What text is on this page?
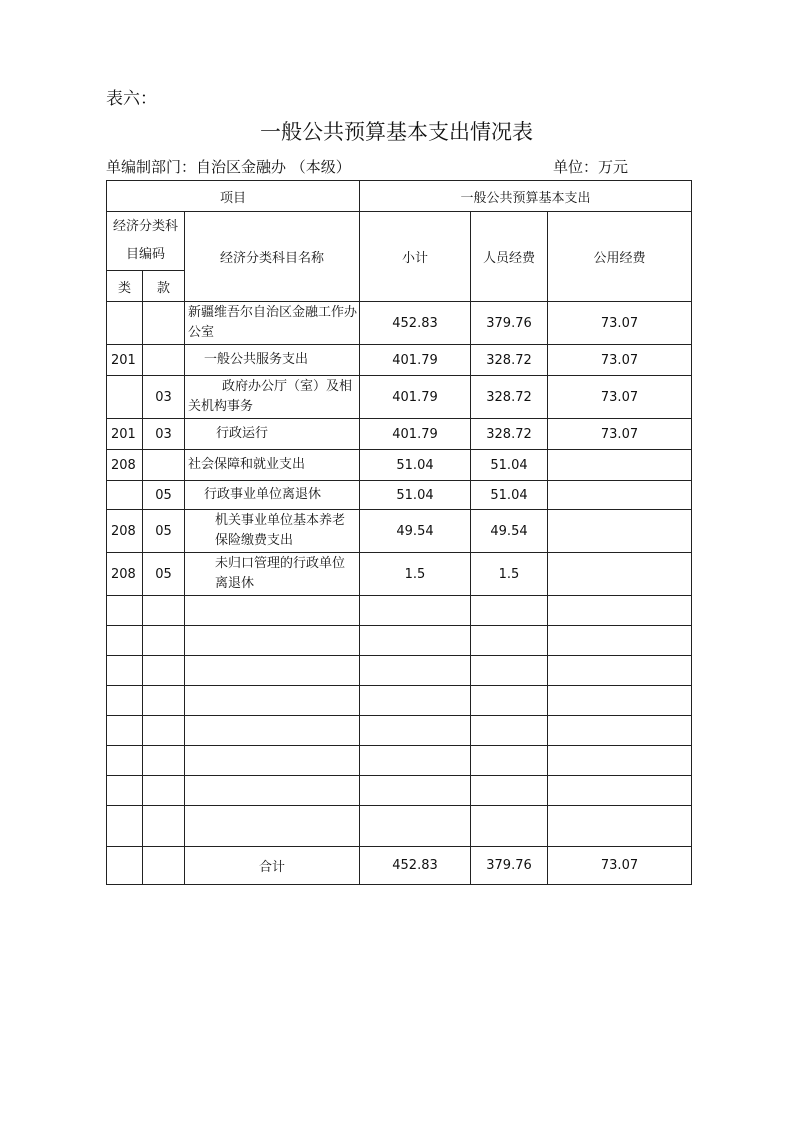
表六：
一般公共预算基本支出情况表
单编制部门：自治区金融办 （本级）	单位：万元
项目			一般公共预算基本支出		
经济分类科
目编码		经济分类科目名称	小计	人员经费	公用经费
类	款				
		新疆维吾尔自治区金融工作办公室	452.83	379.76	73.07
201		一般公共服务支出	401.79	328.72	73.07
	03	政府办公厅（室）及相关机构事务	401.79	328.72	73.07
201	03	行政运行	401.79	328.72	73.07
208		社会保障和就业支出	51.04	51.04	
	05	行政事业单位离退休	51.04	51.04	
208	05	机关事业单位基本养老保险缴费支出	49.54	49.54	
208	05	未归口管理的行政单位离退休	1.5	1.5	

		合计	452.83	379.76	73.07
